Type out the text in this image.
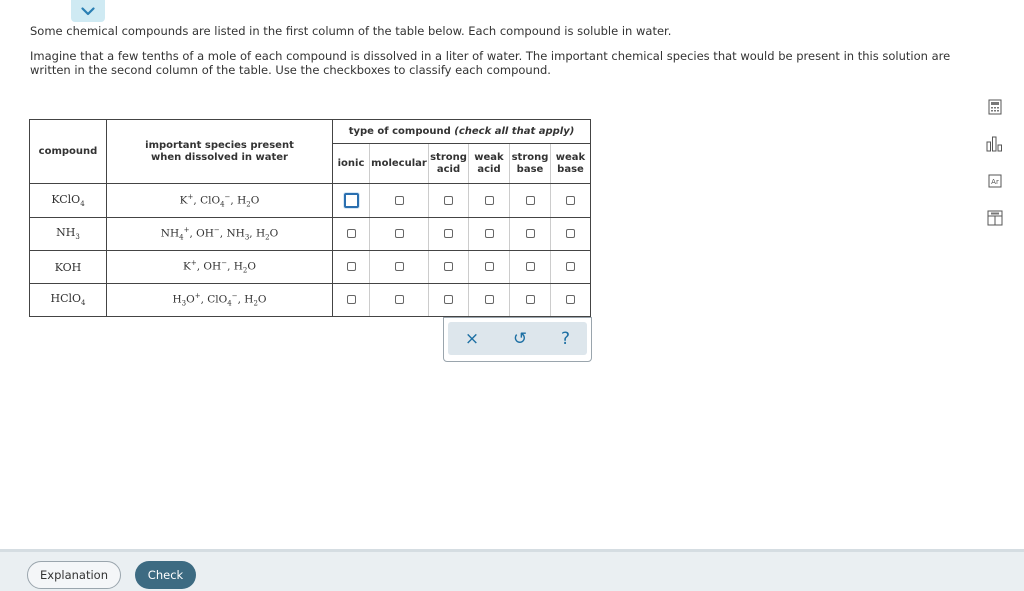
Some chemical compounds are listed in the first column of the table below. Each compound is soluble in water.

Imagine that a few tenths of a mole of each compound is dissolved in a liter of water. The important chemical species that would be present in this solution are written in the second column of the table. Use the checkboxes to classify each compound.

compound	important species present when dissolved in water	type of compound (check all that apply)					
		ionic	molecular	strong acid	weak acid	strong base	weak base
KClO$_4$	K+, ClO$_4$−, $H_2O$						
$NH_3$	$NH_4^+$, OH−, $NH_3$, $H_2O$						
KOH	K+, OH−, $H_2O$						
HClO$_4$	$H_3O^+$, ClO$_4$−, $H_2O$						
× ↺ ?
Ar
Explanation	Check
